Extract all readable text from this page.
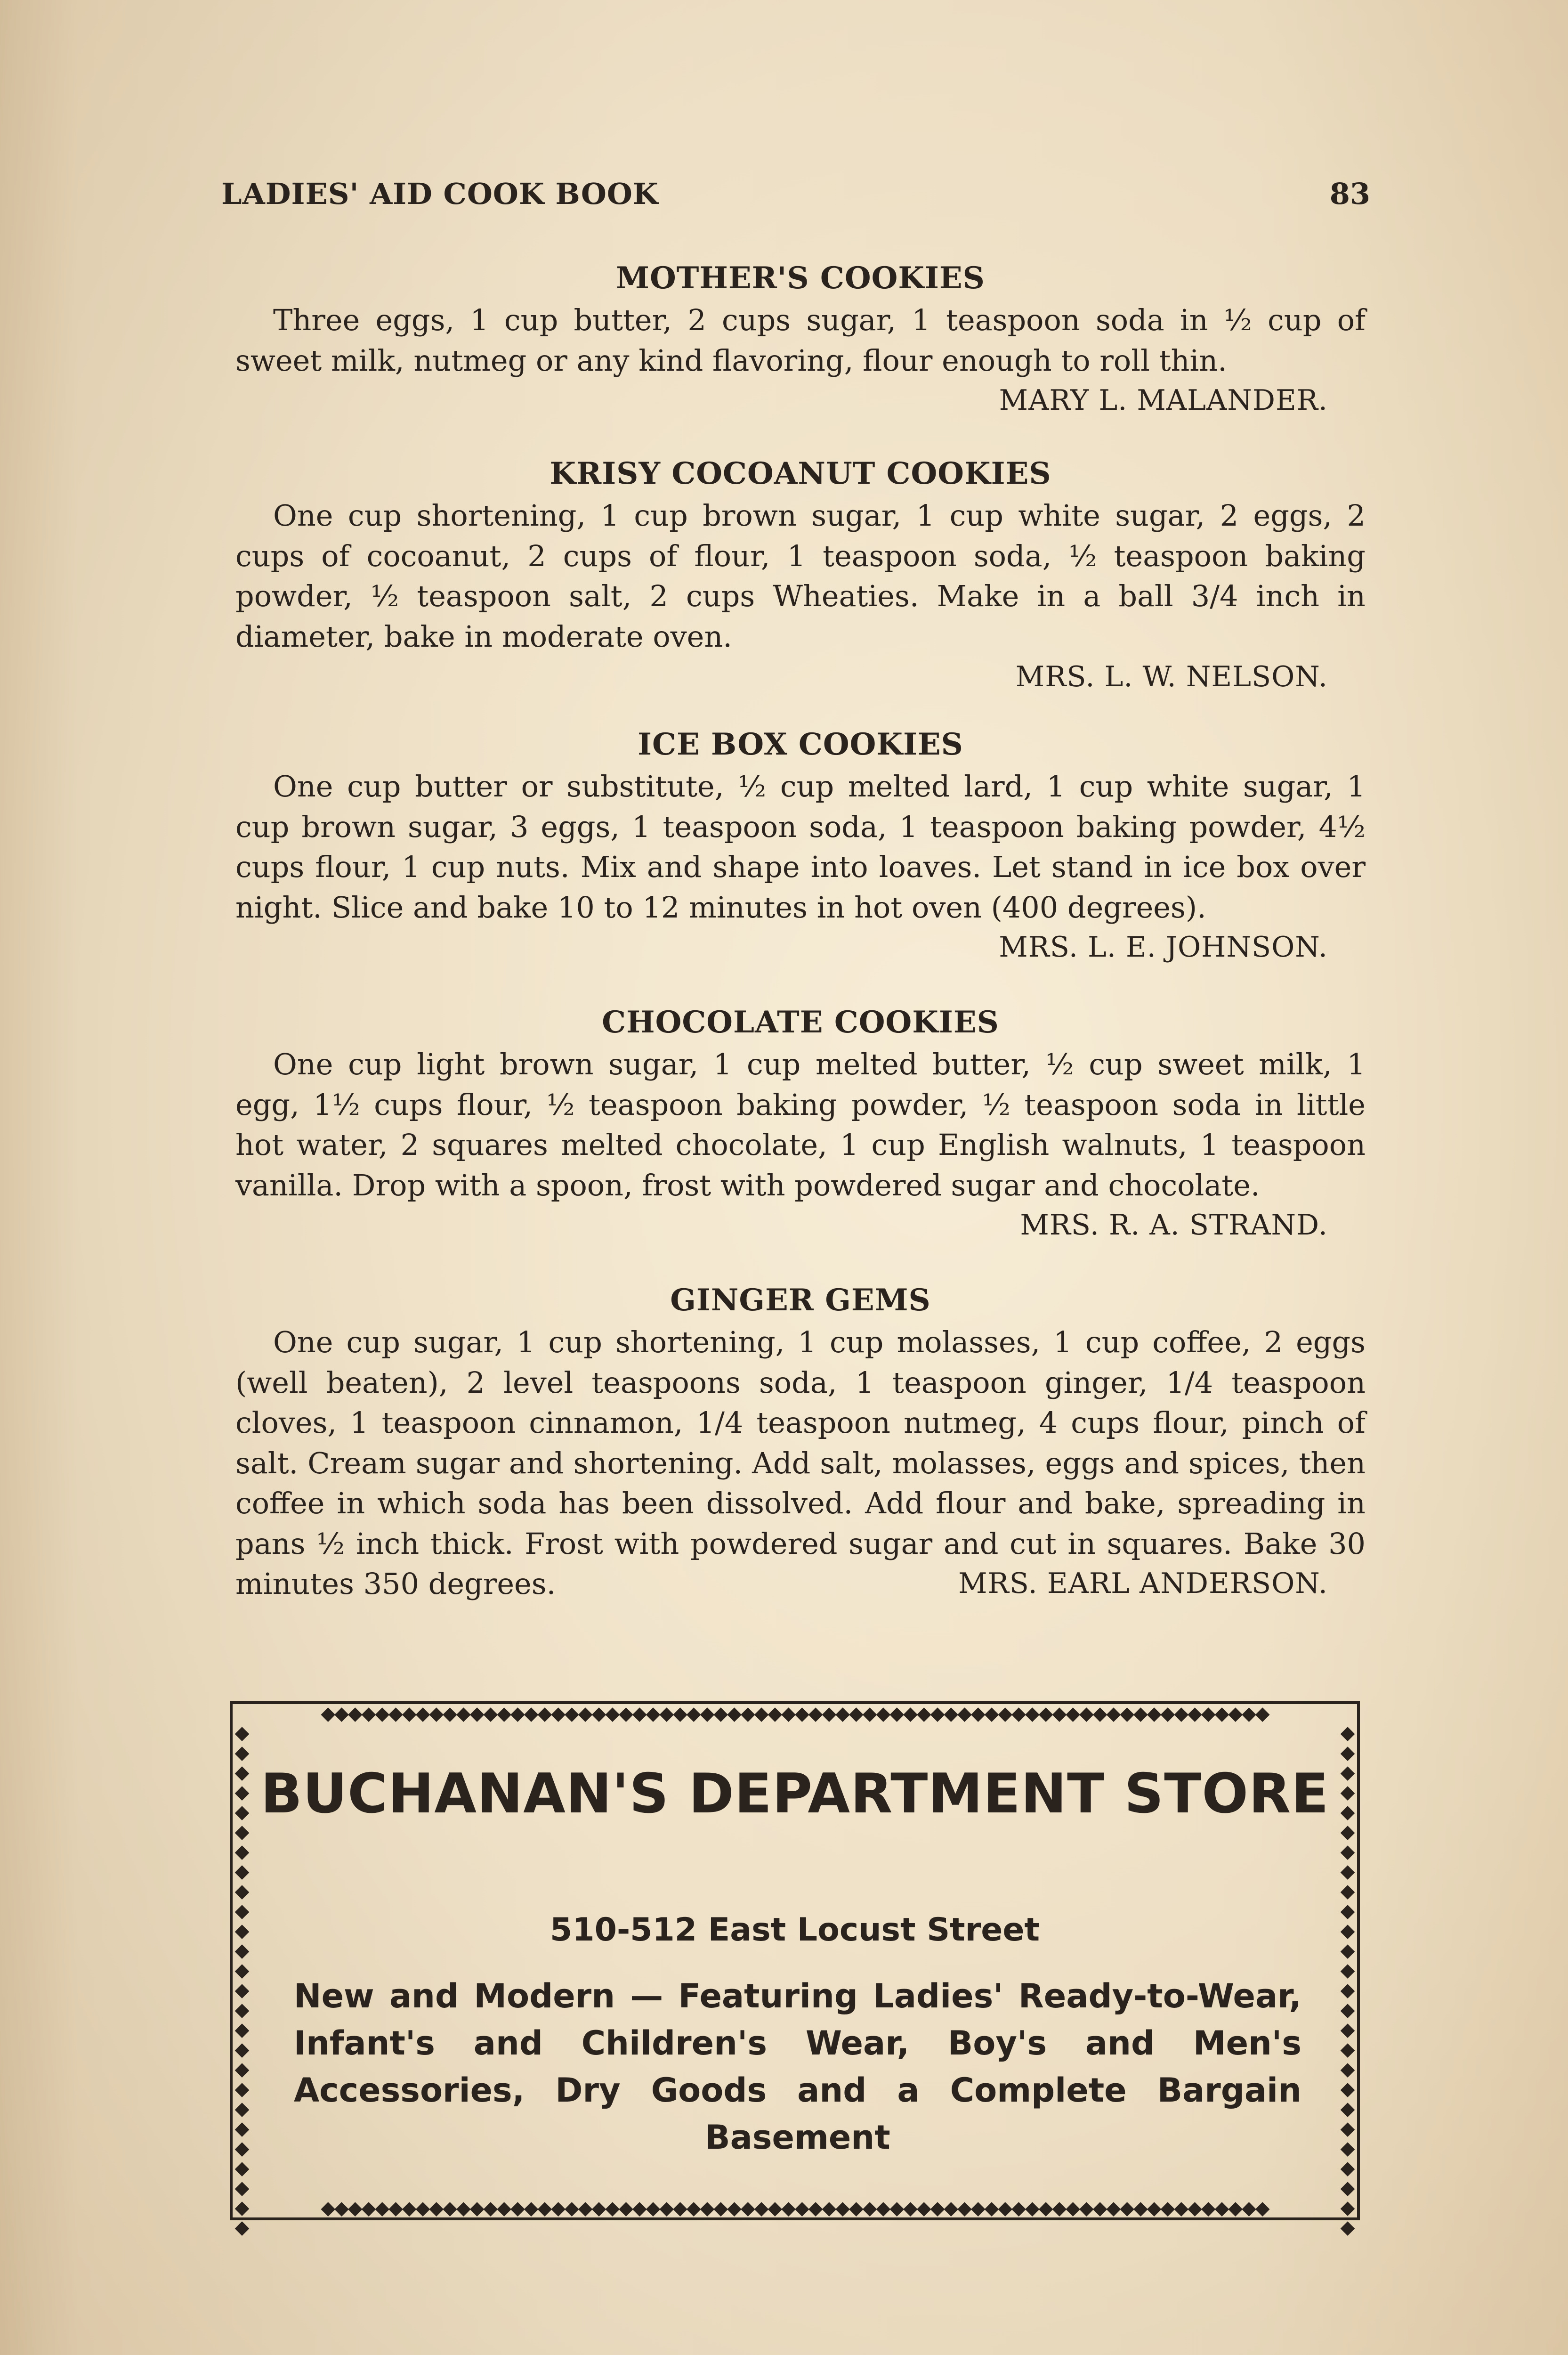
LADIES' AID COOK BOOK	83
MOTHER'S COOKIES
Three eggs, 1 cup butter, 2 cups sugar, 1 teaspoon soda in ½ cup of sweet milk, nutmeg or any kind flavoring, flour enough to roll thin.
MARY L. MALANDER.
KRISY COCOANUT COOKIES
One cup shortening, 1 cup brown sugar, 1 cup white sugar, 2 eggs, 2 cups of cocoanut, 2 cups of flour, 1 teaspoon soda, ½ teaspoon baking powder, ½ teaspoon salt, 2 cups Wheaties. Make in a ball 3/4 inch in diameter, bake in moderate oven.
MRS. L. W. NELSON.
ICE BOX COOKIES
One cup butter or substitute, ½ cup melted lard, 1 cup white sugar, 1 cup brown sugar, 3 eggs, 1 teaspoon soda, 1 teaspoon baking powder, 4½ cups flour, 1 cup nuts. Mix and shape into loaves. Let stand in ice box over night. Slice and bake 10 to 12 minutes in hot oven (400 degrees).
MRS. L. E. JOHNSON.
CHOCOLATE COOKIES
One cup light brown sugar, 1 cup melted butter, ½ cup sweet milk, 1 egg, 1½ cups flour, ½ teaspoon baking powder, ½ teaspoon soda in little hot water, 2 squares melted chocolate, 1 cup English walnuts, 1 teaspoon vanilla. Drop with a spoon, frost with powdered sugar and chocolate.
MRS. R. A. STRAND.
GINGER GEMS
One cup sugar, 1 cup shortening, 1 cup molasses, 1 cup coffee, 2 eggs (well beaten), 2 level teaspoons soda, 1 teaspoon ginger, 1/4 teaspoon cloves, 1 teaspoon cinnamon, 1/4 teaspoon nutmeg, 4 cups flour, pinch of salt. Cream sugar and shortening. Add salt, molasses, eggs and spices, then coffee in which soda has been dissolved. Add flour and bake, spreading in pans ½ inch thick. Frost with powdered sugar and cut in squares. Bake 30 minutes 350 degrees.	MRS. EARL ANDERSON.
◆◆◆◆◆◆◆◆◆◆◆◆◆◆◆◆◆◆◆◆◆◆◆◆◆◆◆◆◆◆◆◆◆◆◆◆◆◆◆◆◆◆◆◆◆◆◆◆◆◆◆◆◆◆◆◆◆◆◆◆◆◆◆◆◆◆◆◆◆◆
◆◆◆◆◆◆◆◆◆◆◆◆◆◆◆◆◆◆◆◆◆◆◆◆◆◆◆◆◆◆◆◆◆◆◆◆◆◆◆◆◆◆◆◆◆◆◆◆◆◆◆◆◆◆◆◆◆◆◆◆◆◆◆◆◆◆◆◆◆◆
◆◆◆◆◆◆◆◆◆◆◆◆◆◆◆◆◆◆◆◆◆◆◆◆◆◆
◆◆◆◆◆◆◆◆◆◆◆◆◆◆◆◆◆◆◆◆◆◆◆◆◆◆
BUCHANAN'S DEPARTMENT STORE
510-512 East Locust Street
New and Modern — Featuring Ladies' Ready-to-Wear, Infant's and Children's Wear, Boy's and Men's Accessories, Dry Goods and a Complete Bargain Basement
